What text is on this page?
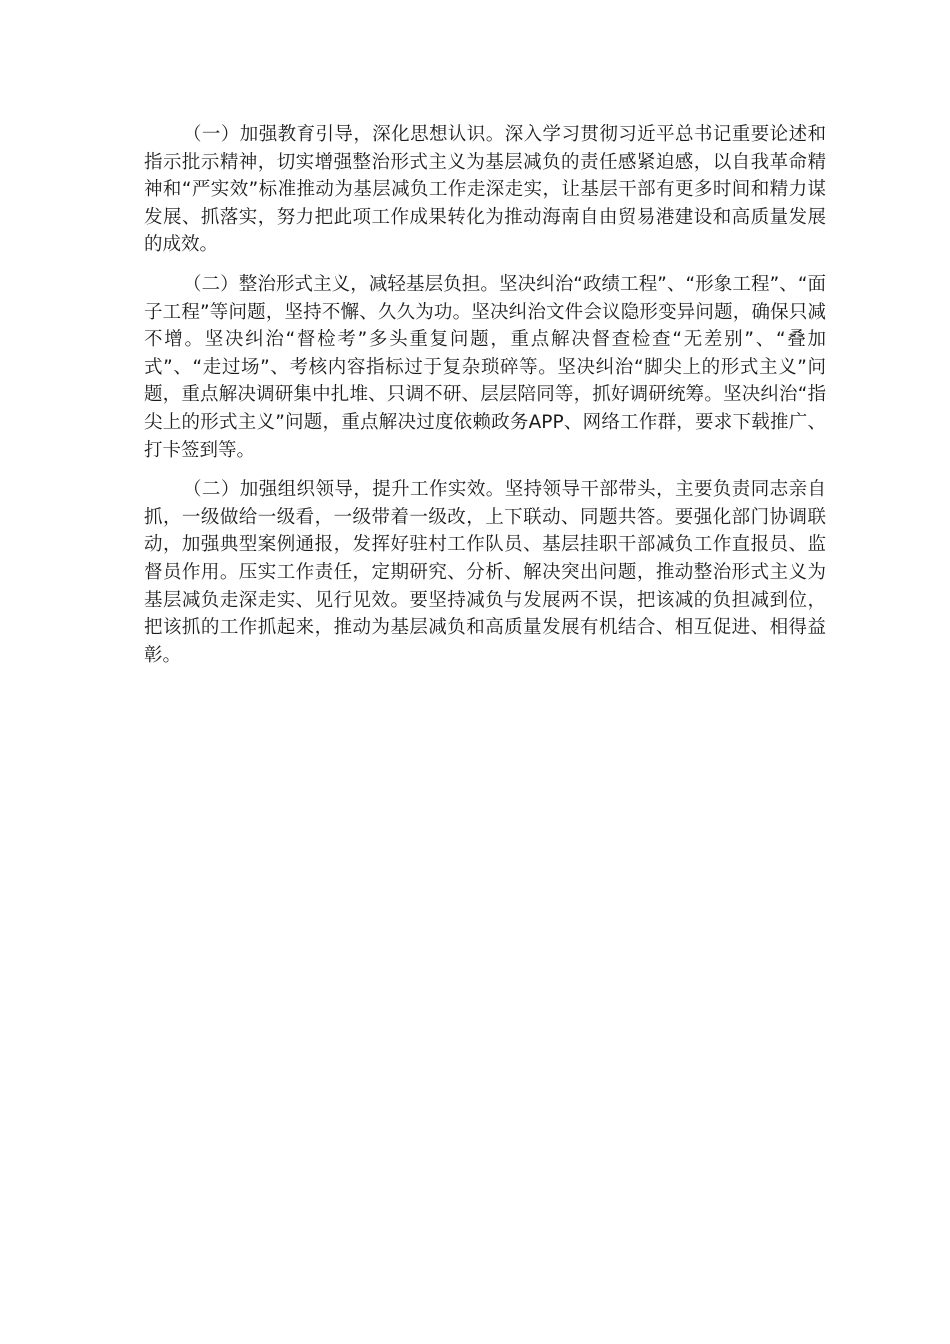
（一）加强教育引导，深化思想认识。深入学习贯彻习近平总书记重要论述和指示批示精神，切实增强整治形式主义为基层减负的责任感紧迫感，以自我革命精神和“严实效”标准推动为基层减负工作走深走实，让基层干部有更多时间和精力谋发展、抓落实，努力把此项工作成果转化为推动海南自由贸易港建设和高质量发展的成效。

（二）整治形式主义，减轻基层负担。坚决纠治“政绩工程”、“形象工程”、“面子工程”等问题，坚持不懈、久久为功。坚决纠治文件会议隐形变异问题，确保只减不增。坚决纠治“督检考”多头重复问题，重点解决督查检查“无差别”、“叠加式”、“走过场”、考核内容指标过于复杂琐碎等。坚决纠治“脚尖上的形式主义”问题，重点解决调研集中扎堆、只调不研、层层陪同等，抓好调研统筹。坚决纠治“指尖上的形式主义”问题，重点解决过度依赖政务APP、网络工作群，要求下载推广、打卡签到等。

（二）加强组织领导，提升工作实效。坚持领导干部带头，主要负责同志亲自抓，一级做给一级看，一级带着一级改，上下联动、同题共答。要强化部门协调联动，加强典型案例通报，发挥好驻村工作队员、基层挂职干部减负工作直报员、监督员作用。压实工作责任，定期研究、分析、解决突出问题，推动整治形式主义为基层减负走深走实、见行见效。要坚持减负与发展两不误，把该减的负担减到位，把该抓的工作抓起来，推动为基层减负和高质量发展有机结合、相互促进、相得益彰。
